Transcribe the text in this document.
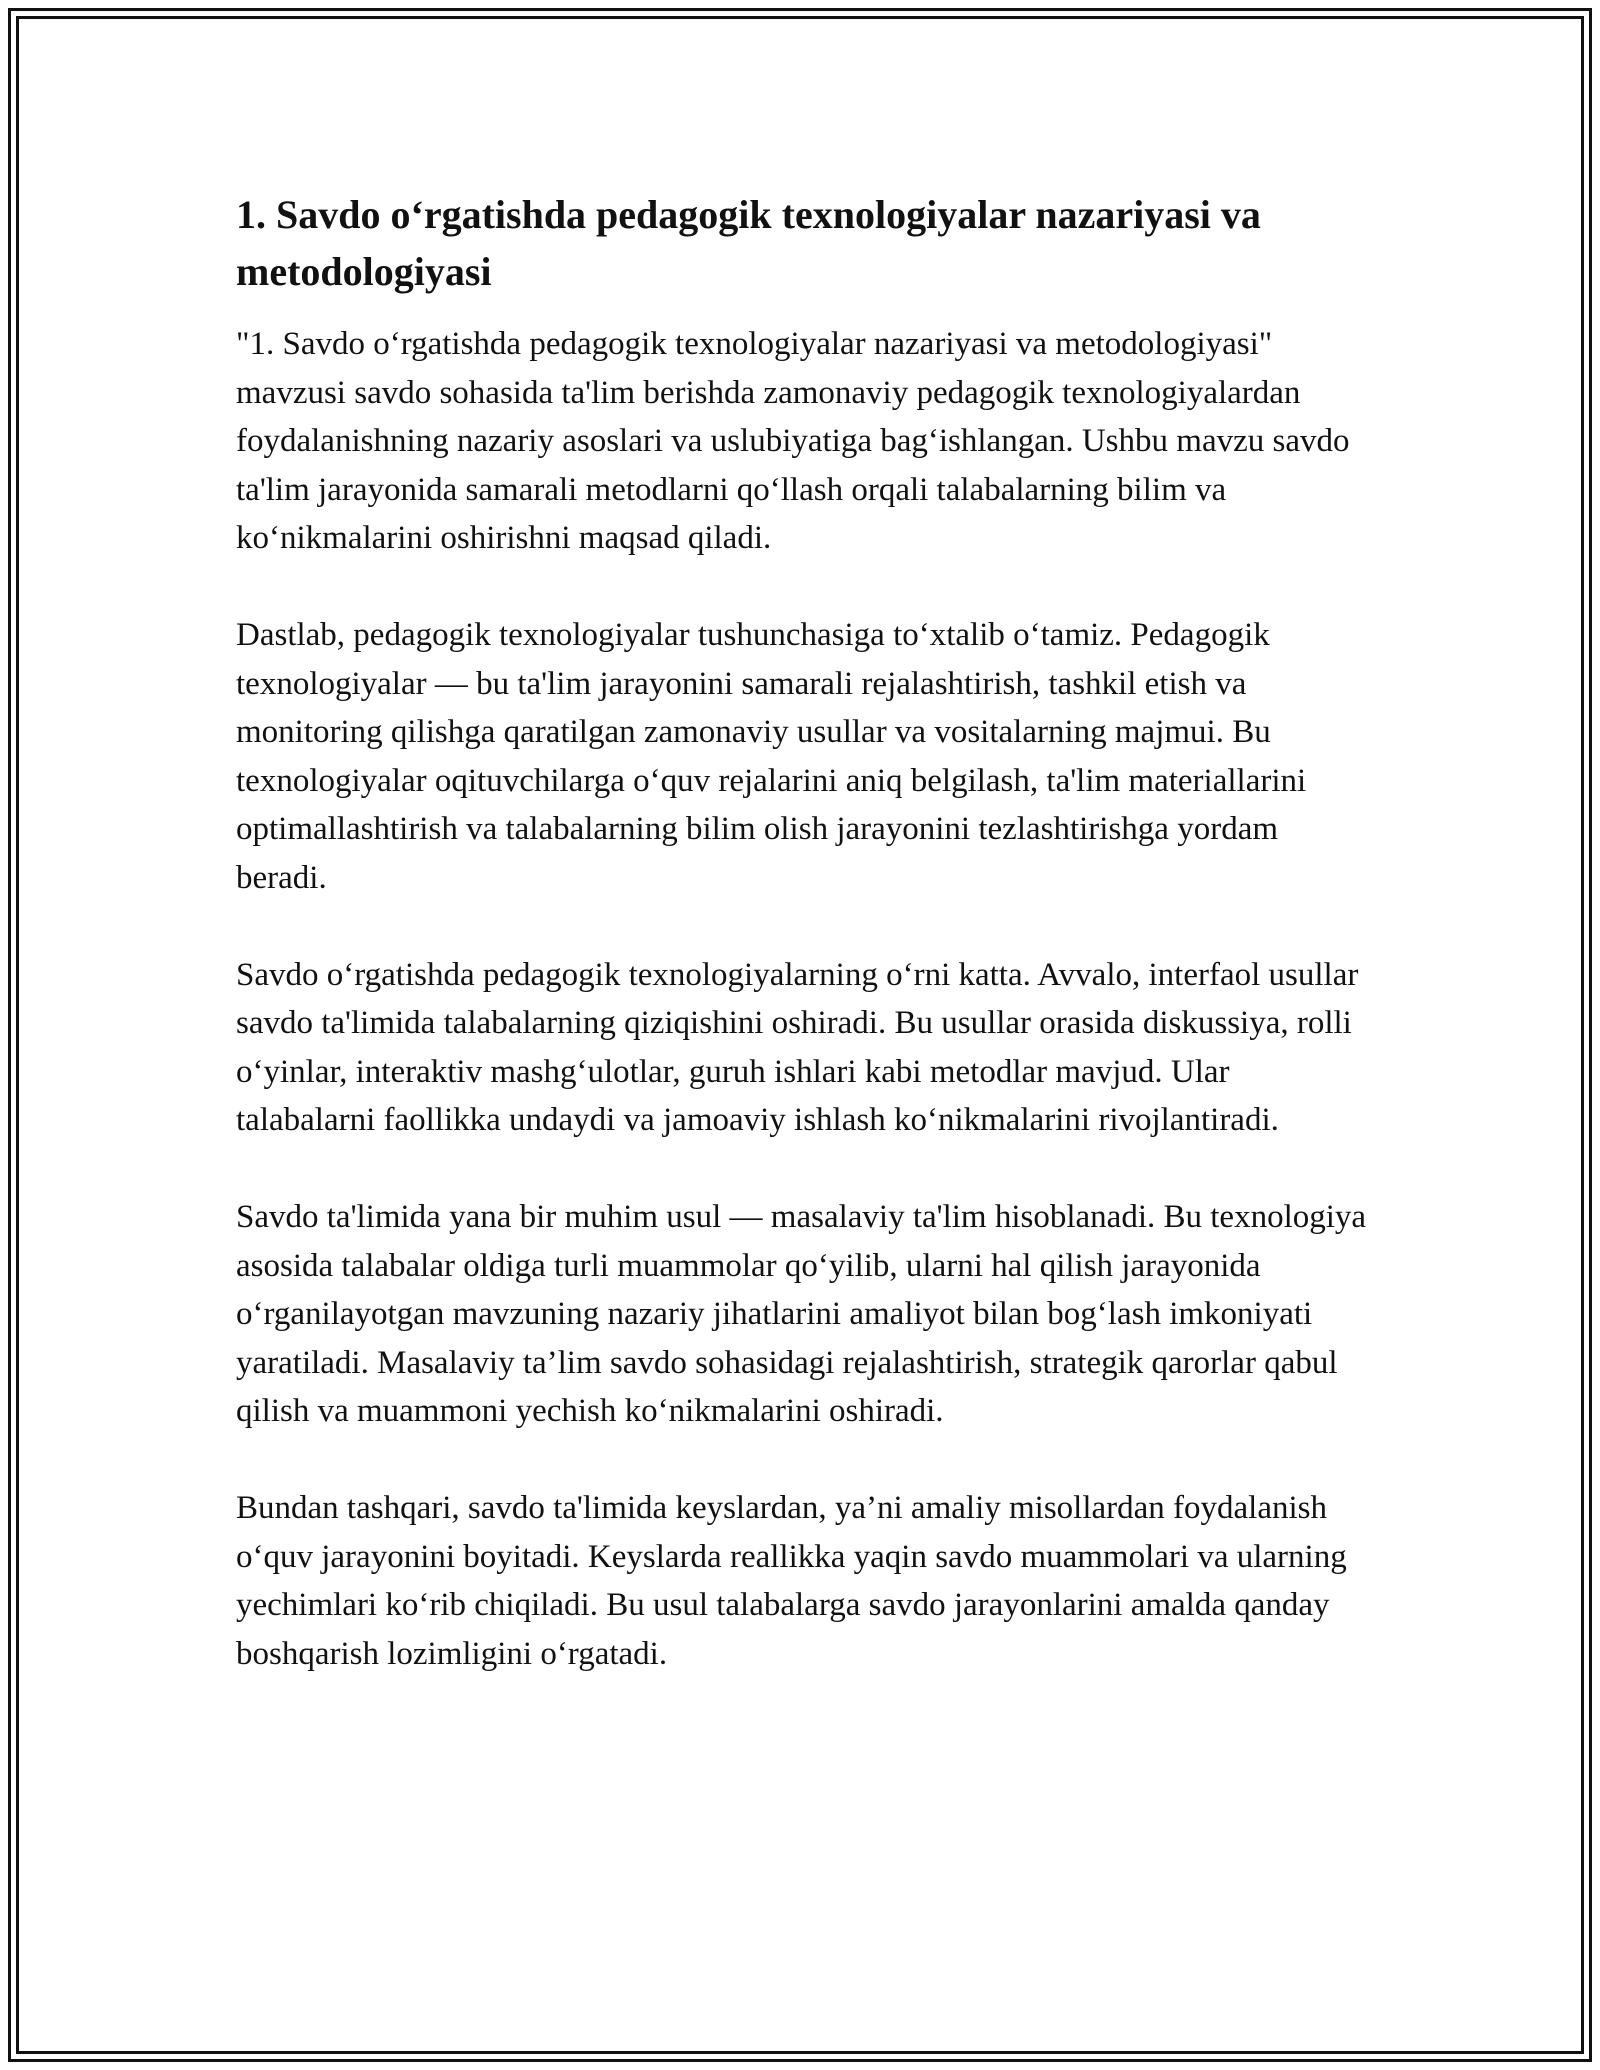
1. Savdo o‘rgatishda pedagogik texnologiyalar nazariyasi va metodologiyasi

"1. Savdo o‘rgatishda pedagogik texnologiyalar nazariyasi va metodologiyasi" mavzusi savdo sohasida ta'lim berishda zamonaviy pedagogik texnologiyalardan foydalanishning nazariy asoslari va uslubiyatiga bag‘ishlangan. Ushbu mavzu savdo ta'lim jarayonida samarali metodlarni qo‘llash orqali talabalarning bilim va ko‘nikmalarini oshirishni maqsad qiladi.

Dastlab, pedagogik texnologiyalar tushunchasiga to‘xtalib o‘tamiz. Pedagogik texnologiyalar — bu ta'lim jarayonini samarali rejalashtirish, tashkil etish va monitoring qilishga qaratilgan zamonaviy usullar va vositalarning majmui. Bu texnologiyalar oqituvchilarga o‘quv rejalarini aniq belgilash, ta'lim materiallarini optimallashtirish va talabalarning bilim olish jarayonini tezlashtirishga yordam beradi.

Savdo o‘rgatishda pedagogik texnologiyalarning o‘rni katta. Avvalo, interfaol usullar savdo ta'limida talabalarning qiziqishini oshiradi. Bu usullar orasida diskussiya, rolli o‘yinlar, interaktiv mashg‘ulotlar, guruh ishlari kabi metodlar mavjud. Ular talabalarni faollikka undaydi va jamoaviy ishlash ko‘nikmalarini rivojlantiradi.

Savdo ta'limida yana bir muhim usul — masalaviy ta'lim hisoblanadi. Bu texnologiya asosida talabalar oldiga turli muammolar qo‘yilib, ularni hal qilish jarayonida o‘rganilayotgan mavzuning nazariy jihatlarini amaliyot bilan bog‘lash imkoniyati yaratiladi. Masalaviy ta’lim savdo sohasidagi rejalashtirish, strategik qarorlar qabul qilish va muammoni yechish ko‘nikmalarini oshiradi.

Bundan tashqari, savdo ta'limida keyslardan, ya’ni amaliy misollardan foydalanish o‘quv jarayonini boyitadi. Keyslarda reallikka yaqin savdo muammolari va ularning yechimlari ko‘rib chiqiladi. Bu usul talabalarga savdo jarayonlarini amalda qanday boshqarish lozimligini o‘rgatadi.
